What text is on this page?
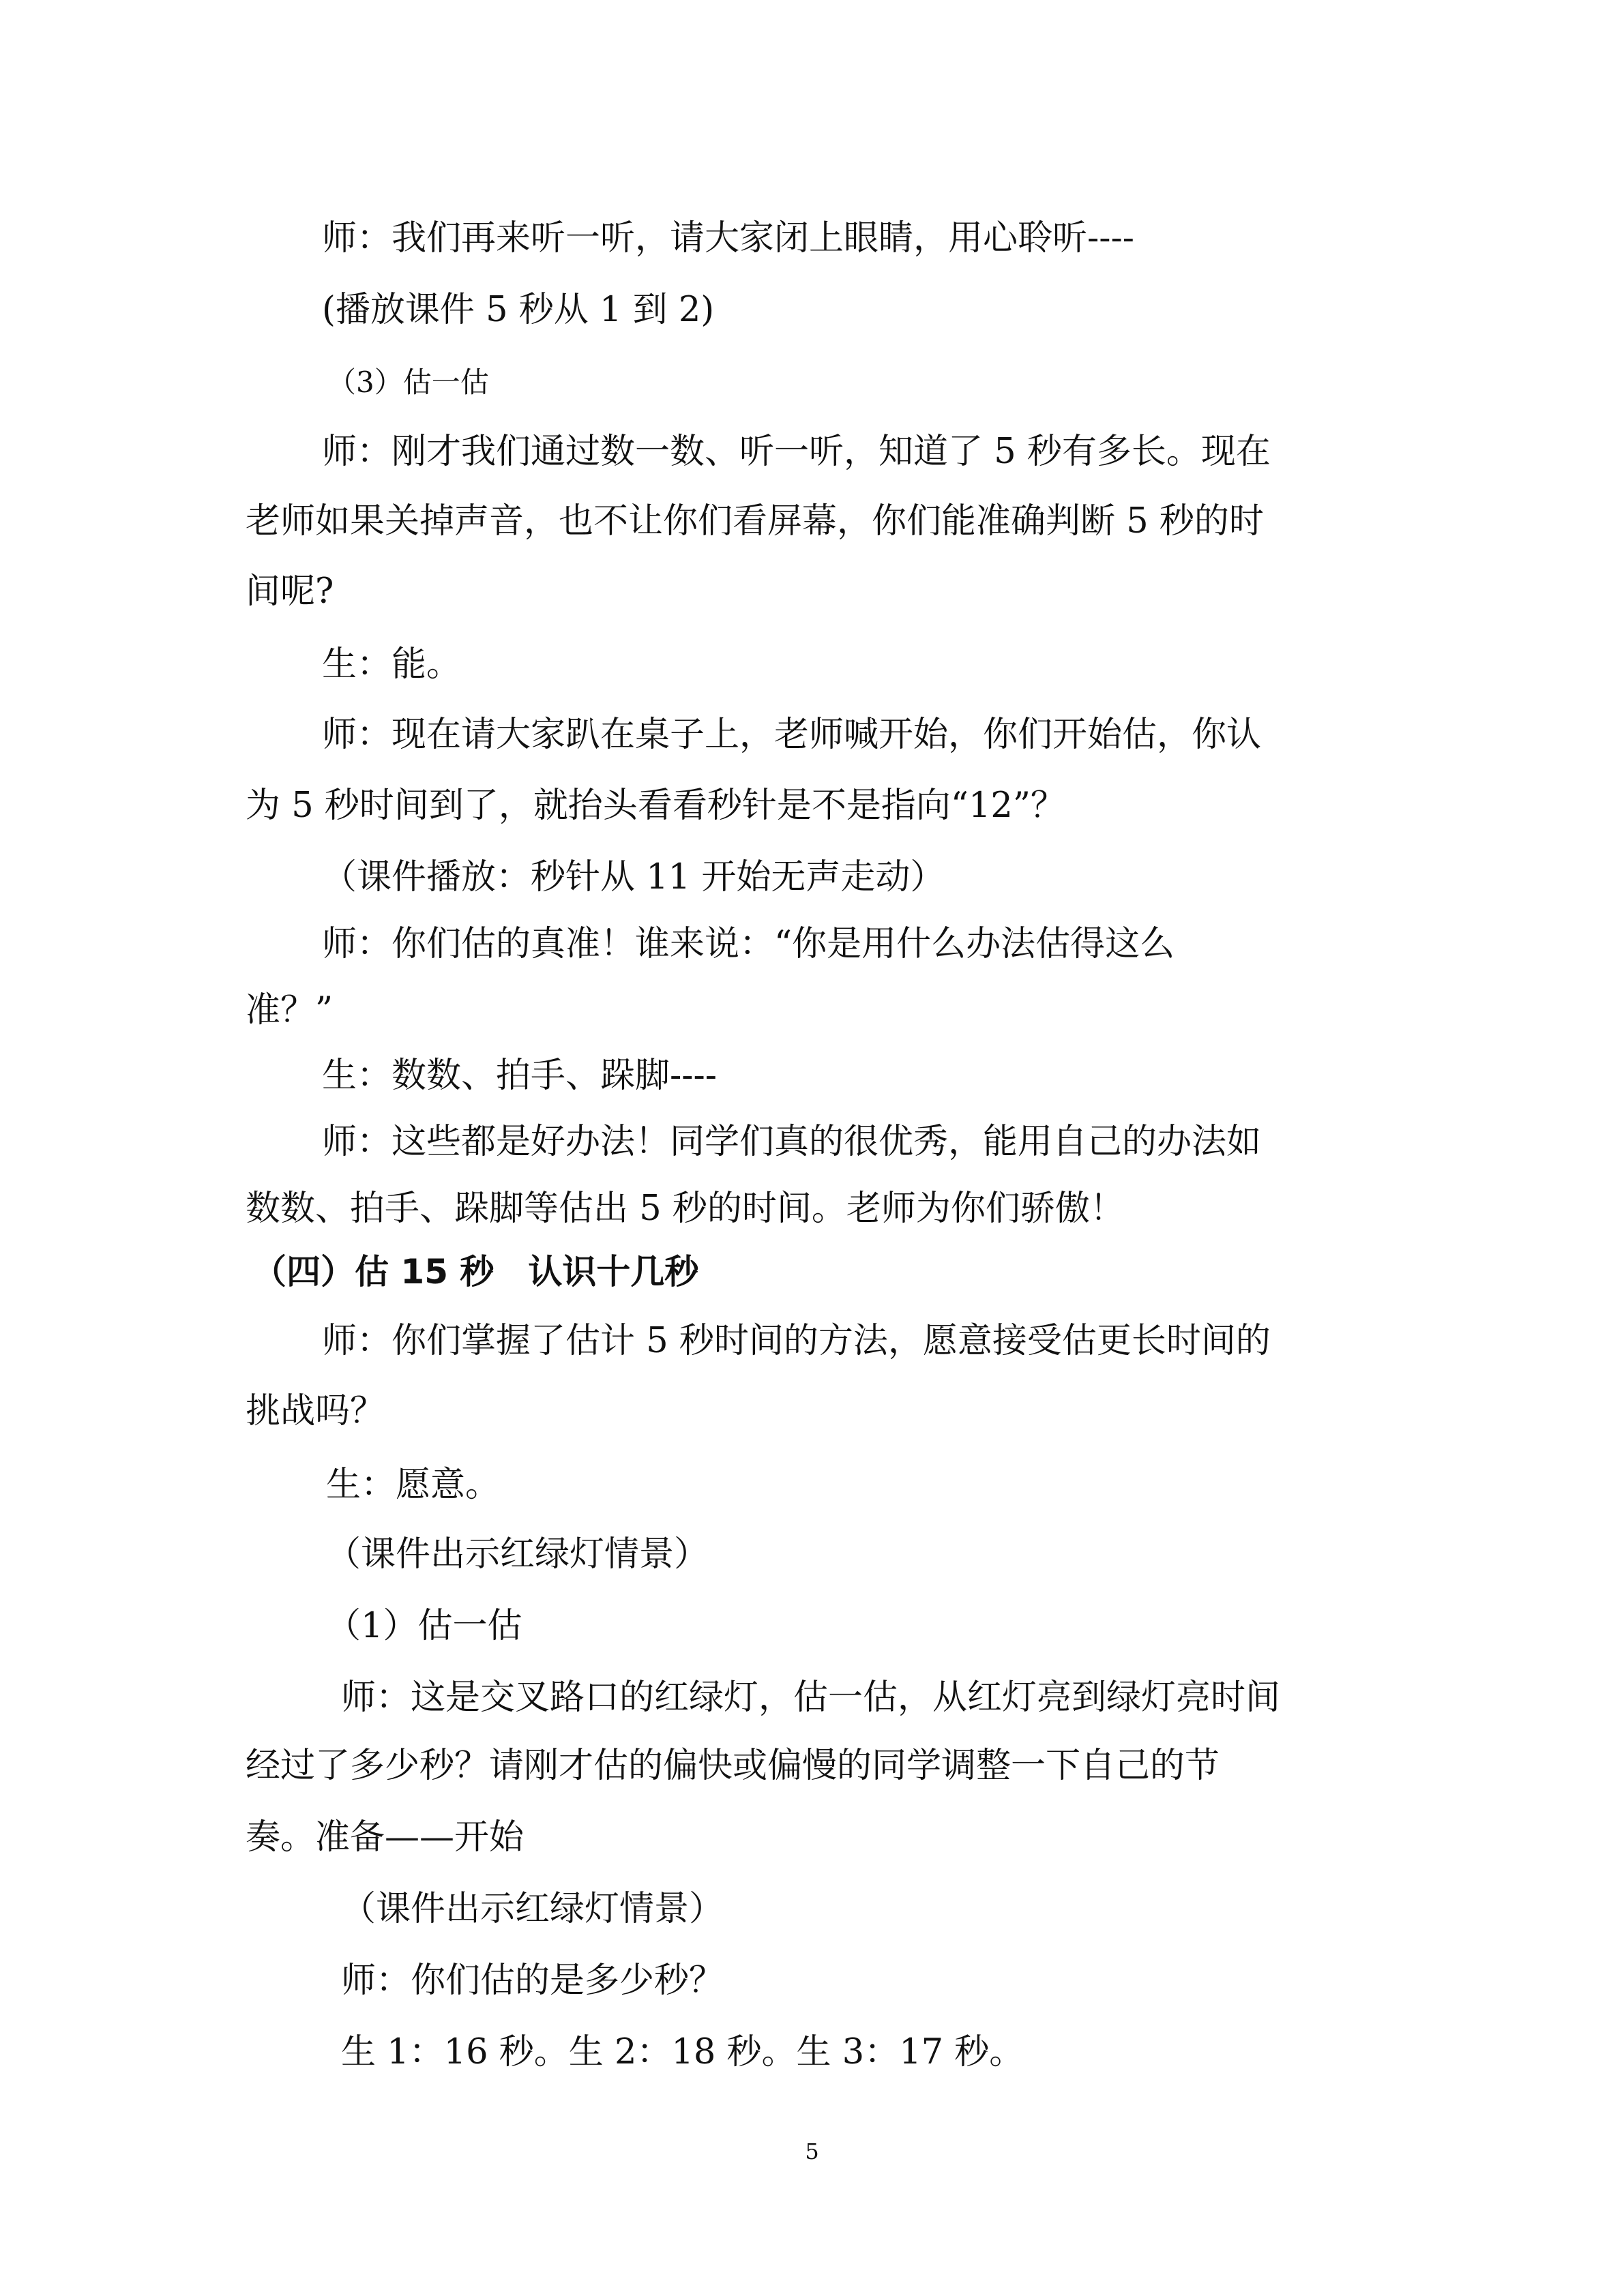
师：我们再来听一听，请大家闭上眼睛，用心聆听----
(播放课件 5 秒从 1 到 2)
（3）估一估
师：刚才我们通过数一数、听一听，知道了 5 秒有多长。现在
老师如果关掉声音，也不让你们看屏幕，你们能准确判断 5 秒的时
间呢?
生：能。
师：现在请大家趴在桌子上，老师喊开始，你们开始估，你认
为 5 秒时间到了，就抬头看看秒针是不是指向“12”？
（课件播放：秒针从 11 开始无声走动）
师：你们估的真准！谁来说：“你是用什么办法估得这么
准？”
生：数数、拍手、跺脚----
师：这些都是好办法！同学们真的很优秀，能用自己的办法如
数数、拍手、跺脚等估出 5 秒的时间。老师为你们骄傲！
（四）估 15 秒　认识十几秒
师：你们掌握了估计 5 秒时间的方法，愿意接受估更长时间的
挑战吗？
生：愿意。
（课件出示红绿灯情景）
（1）估一估
师：这是交叉路口的红绿灯，估一估，从红灯亮到绿灯亮时间
经过了多少秒？请刚才估的偏快或偏慢的同学调整一下自己的节
奏。准备——开始
（课件出示红绿灯情景）
师：你们估的是多少秒？
生 1：16 秒。生 2：18 秒。生 3：17 秒。
5
